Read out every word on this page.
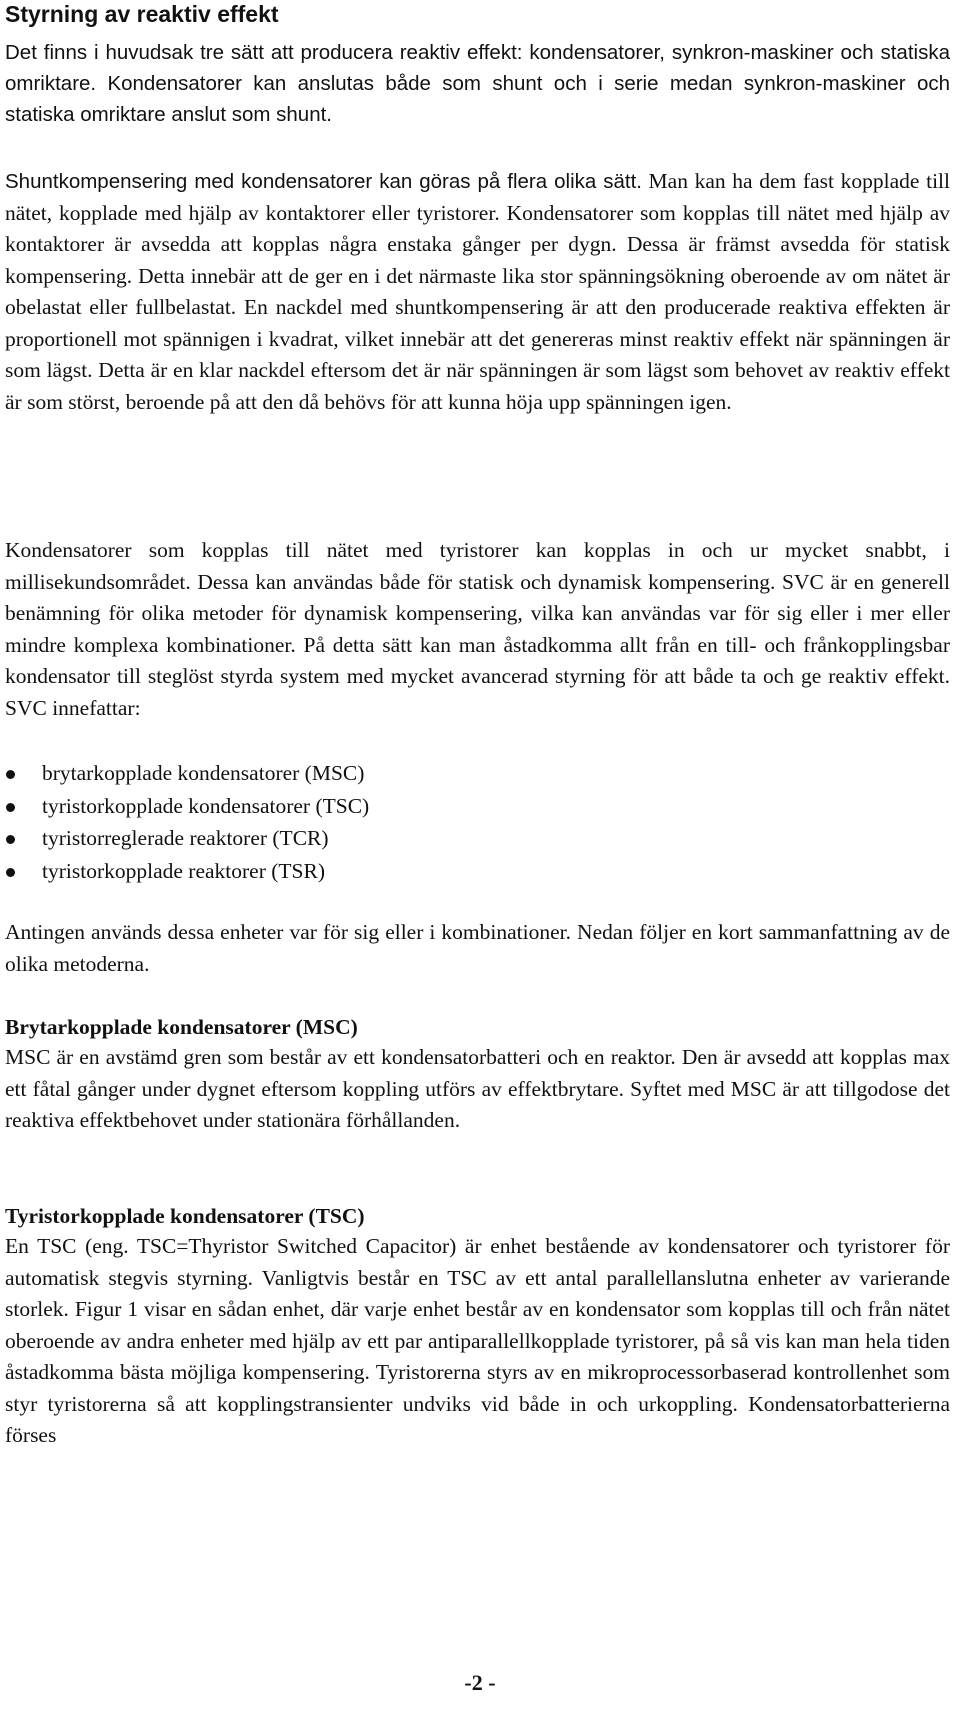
Styrning av reaktiv effekt

Det finns i huvudsak tre sätt att producera reaktiv effekt: kondensatorer, synkron-maskiner och statiska omriktare. Kondensatorer kan anslutas både som shunt och i serie medan synkron-maskiner och statiska omriktare anslut som shunt.

Shuntkompensering med kondensatorer kan göras på flera olika sätt. Man kan ha dem fast kopplade till nätet, kopplade med hjälp av kontaktorer eller tyristorer. Kondensatorer som kopplas till nätet med hjälp av kontaktorer är avsedda att kopplas några enstaka gånger per dygn. Dessa är främst avsedda för statisk kompensering. Detta innebär att de ger en i det närmaste lika stor spänningsökning oberoende av om nätet är obelastat eller fullbelastat. En nackdel med shuntkompensering är att den producerade reaktiva effekten är proportionell mot spännigen i kvadrat, vilket innebär att det genereras minst reaktiv effekt när spänningen är som lägst. Detta är en klar nackdel eftersom det är när spänningen är som lägst som behovet av reaktiv effekt är som störst, beroende på att den då behövs för att kunna höja upp spänningen igen.

Kondensatorer som kopplas till nätet med tyristorer kan kopplas in och ur mycket snabbt, i millisekundsområdet. Dessa kan användas både för statisk och dynamisk kompensering. SVC är en generell benämning för olika metoder för dynamisk kompensering, vilka kan användas var för sig eller i mer eller mindre komplexa kombinationer. På detta sätt kan man åstadkomma allt från en till- och frånkopplingsbar kondensator till steglöst styrda system med mycket avancerad styrning för att både ta och ge reaktiv effekt. SVC innefattar:

brytarkopplade kondensatorer (MSC)
tyristorkopplade kondensatorer (TSC)
tyristorreglerade reaktorer (TCR)
tyristorkopplade reaktorer (TSR)

Antingen används dessa enheter var för sig eller i kombinationer. Nedan följer en kort sammanfattning av de olika metoderna.

Brytarkopplade kondensatorer (MSC)

MSC är en avstämd gren som består av ett kondensatorbatteri och en reaktor. Den är avsedd att kopplas max ett fåtal gånger under dygnet eftersom koppling utförs av effektbrytare. Syftet med MSC är att tillgodose det reaktiva effektbehovet under stationära förhållanden.

Tyristorkopplade kondensatorer (TSC)

En TSC (eng. TSC=Thyristor Switched Capacitor) är enhet bestående av kondensatorer och tyristorer för automatisk stegvis styrning. Vanligtvis består en TSC av ett antal parallellanslutna enheter av varierande storlek. Figur 1 visar en sådan enhet, där varje enhet består av en kondensator som kopplas till och från nätet oberoende av andra enheter med hjälp av ett par antiparallellkopplade tyristorer, på så vis kan man hela tiden åstadkomma bästa möjliga kompensering. Tyristorerna styrs av en mikroprocessorbaserad kontrollenhet som styr tyristorerna så att kopplingstransienter undviks vid både in och urkoppling. Kondensatorbatterierna förses

-2 -
